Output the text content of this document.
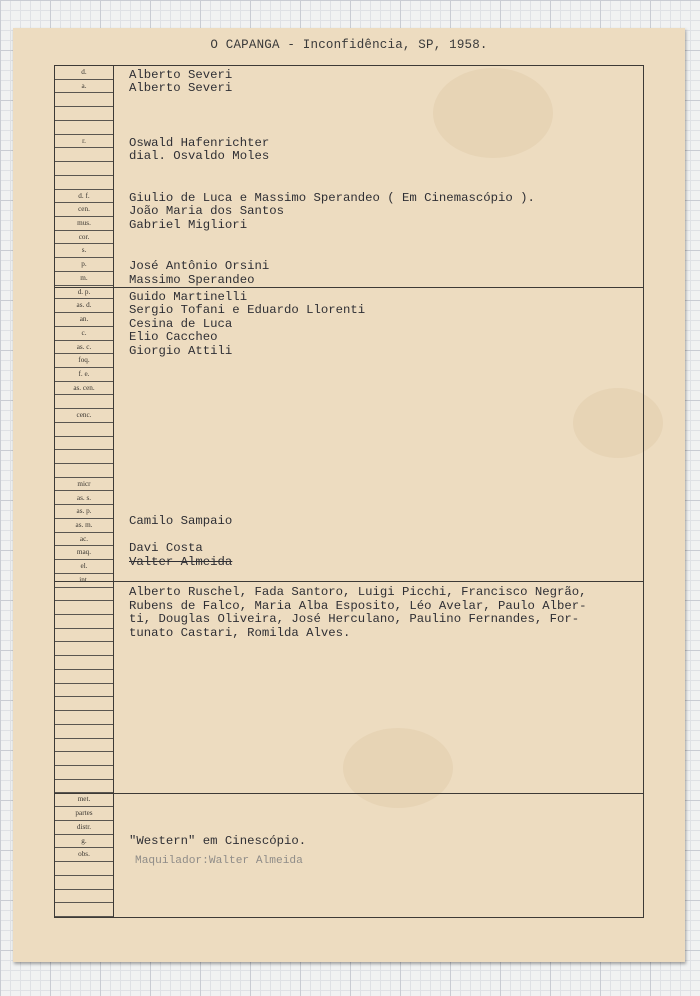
O CAPANGA - Inconfidência, SP, 1958.
d.
a.
r.
d. f.
cen.
mus.
cor.
s.
p.
m.
d. p.
as. d.
an.
c.
as. c.
foq.
f. e.
as. cen.
cenc.
micr
as. s.
as. p.
as. m.
ac.
maq.
el.
int.
met.
partes
distr.
g.
obs.
Alberto Severi
Alberto Severi
Oswald Hafenrichter
dial. Osvaldo Moles
Giulio de Luca e Massimo Sperandeo ( Em Cinemascópio ).
João Maria dos Santos
Gabriel Migliori
José Antônio Orsini
Massimo Sperandeo
Guido Martinelli
Sergio Tofani e Eduardo Llorenti
Cesina de Luca
Elio Caccheo
Giorgio Attili
Camilo Sampaio
Davi Costa
Valter Almeida
Alberto Ruschel, Fada Santoro, Luigi Picchi, Francisco Negrão,
Rubens de Falco, Maria Alba Esposito, Léo Avelar, Paulo Alber-
ti, Douglas Oliveira, José Herculano, Paulino Fernandes, For-
tunato Castari, Romilda Alves.
"Western" em Cinescópio.
Maquilador:Walter Almeida
